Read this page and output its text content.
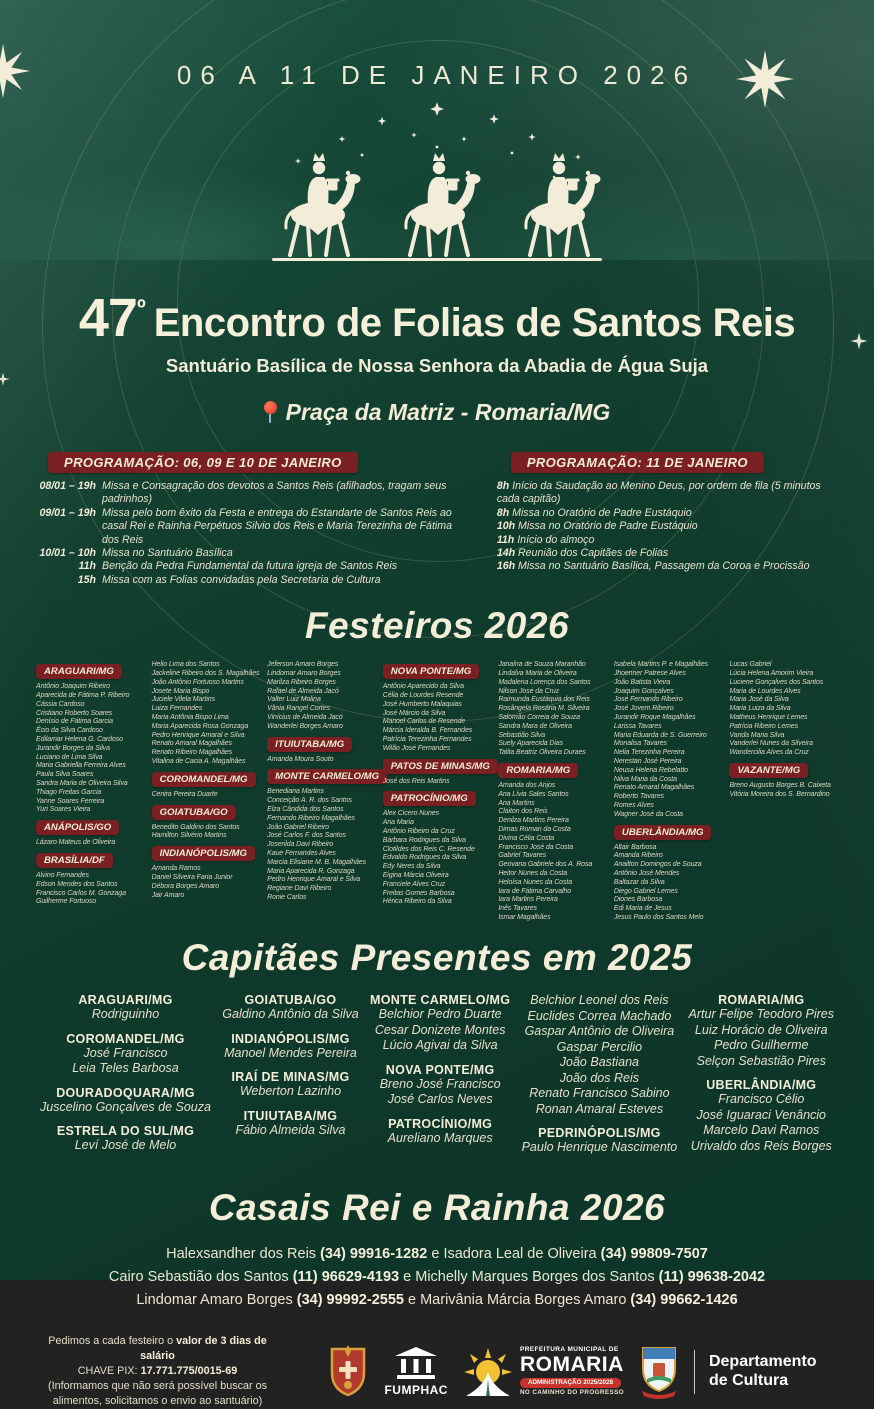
06 A 11 DE JANEIRO 2026
47 º Encontro de Folias de Santos Reis
Santuário Basílica de Nossa Senhora da Abadia de Água Suja
Praça da Matriz - Romaria/MG
PROGRAMAÇÃO: 06, 09 E 10 DE JANEIRO
08/01 – 19h Missa e Consagração dos devotos a Santos Reis (afilhados, tragam seus padrinhos)
09/01 – 19h Missa pelo bom êxito da Festa e entrega do Estandarte de Santos Reis ao casal Rei e Rainha Perpétuos Silvio dos Reis e Maria Terezinha de Fátima dos Reis
10/01 – 10h Missa no Santuário Basílica
11h Benção da Pedra Fundamental da futura igreja de Santos Reis
15h Missa com as Folias convidadas pela Secretaria de Cultura
PROGRAMAÇÃO: 11 DE JANEIRO
8h Início da Saudação ao Menino Deus, por ordem de fila (5 minutos cada capitão)
8h Missa no Oratório de Padre Eustáquio
10h Missa no Oratório de Padre Eustáquio
11h Início do almoço
14h Reunião dos Capitães de Folias
16h Missa no Santuário Basílica, Passagem da Coroa e Procissão
Festeiros 2026
ARAGUARI/MG
Antônio Joaquim Ribeiro
Aparecida de Fátima P. Ribeiro
Cássia Cardoso
Cristiano Roberto Soares
Denísio de Fátima Garcia
Écio da Silva Cardoso
Edilamar Helena G. Cardoso
Jurandir Borges da Silva
Luciano de Lima Silva
Maria Gabriella Ferreira Alves
Paula Silva Soares
Sandra Maria de Oliveira Silva
Thiago Freitas Garcia
Yanne Soares Ferreira
Yuri Soares Vieira
ANÁPOLIS/GO
Lázaro Mateus de Oliveira
BRASÍLIA/DF
Alvino Fernandes
Edson Mendes dos Santos
Francisco Carlos M. Gonzaga
Guilherme Fortuoso
Helio Lima dos Santos
Jackeline Ribeiro dos S. Magalhães
João Antônio Fortuoso Martins
Josete Maria Bispo
Juciele Vilela Martins
Luiza Fernandes
Maria Antônia Bispo Lima
Maria Aparecida Rosa Gonzaga
Pedro Henrique Amaral e Silva
Renato Amaral Magalhães
Renato Ribeiro Magalhães
Vitalina de Cacia A. Magalhães
COROMANDEL/MG
Cenira Pereira Duarte
GOIATUBA/GO
Benedito Galdino dos Santos
Hamilton Silvério Martins
INDIANÓPOLIS/MG
Amanda Ramos
Daniel Silveira Faria Junior
Débora Borges Amaro
Jair Amaro
Jeferson Amaro Borges
Lindomar Amaro Borges
Marilza Ribeiro Borges
Rafael de Almeida Jacó
Valter Luiz Molina
Vânia Rangel Cortes
Vinícius de Almeida Jacó
Wanderlei Borges Amaro
ITUIUTABA/MG
Amanda Moura Souto
MONTE CARMELO/MG
Benediana Martins
Conceição A. R. dos Santos
Elza Cândida dos Santos
Fernando Ribeiro Magalhães
João Gabriel Ribeiro
José Carlos F. dos Santos
Joserilda Davi Ribeiro
Kaue Fernandes Alves
Marcia Elisiane M. B. Magalhães
Maria Aparecida R. Gonzaga
Pedro Henrique Amaral e Silva
Regiane Davi Ribeiro
Ronie Carlos
NOVA PONTE/MG
Antônio Aparecido da Silva
Célia de Lourdes Resende
José Humberto Malaquias
José Márcio da Silva
Manoel Carlos de Resende
Márcia Ideralda B. Fernandes
Patrícia Terezinha Fernandes
Wilão José Fernandes
PATOS DE MINAS/MG
José dos Reis Martins
PATROCÍNIO/MG
Alex Cicero Nunes
Ana Maria
Antônio Ribeiro da Cruz
Bárbara Rodrigues da Silva
Clotildes dos Reis C. Resende
Edvaldo Rodrigues da Silva
Edy Neres da Silva
Eigina Márcia Oliveira
Franciele Alves Cruz
Freitas Gomes Barbosa
Hérica Ribeiro da Silva
Janaína de Souza Maranhão
Lindalva Maria de Oliveira
Madalena Lorença dos Santos
Nilson José da Cruz
Raimunda Eustáquia dos Reis
Rosângela Rosária M. Silveira
Salomão Correia de Souza
Sandra Mara de Oliveira
Sebastião Silva
Suely Aparecida Dias
Talita Beatriz Oliveira Duraes
ROMARIA/MG
Amanda dos Anjos
Ana Lívia Sales Santos
Ana Martins
Claiton dos Reis
Denilza Martins Pereira
Dimas Roman da Costa
Divina Célia Costa
Francisco José da Costa
Gabriel Tavares
Geovana Gabriele dos A. Rosa
Heitor Nunes da Costa
Heloísa Nunes da Costa
Iara de Fátima Carvalho
Iara Martins Pereira
Inês Tavares
Ismar Magalhães
Isabela Martins P. e Magalhães
Jhoenner Patrese Alves
João Batista Vieira
Joaquim Gonçalves
José Fernando Ribeiro
José Jovem Ribeiro
Jurandir Roque Magalhães
Larissa Tavares
Maria Eduarda de S. Guerreiro
Monalisa Tavares
Nelia Terezinha Pereira
Nerestan José Pereira
Neusa Helena Rebelatto
Nilva Maria da Costa
Renato Amaral Magalhães
Roberto Tavares
Romes Alves
Wagner José da Costa
UBERLÂNDIA/MG
Altair Barbosa
Amanda Ribeiro
Anailton Domingos de Souza
Antônio José Mendes
Baltazar da Silva
Diego Gabriel Lemes
Diones Barbosa
Edi Maria de Jesus
Jesus Paulo dos Santos Melo
Lucas Gabriel
Lúcia Helena Amorim Vieira
Luciene Gonçalves dos Santos
Maria de Lourdes Alves
Maria José da Silva
Maria Luiza da Silva
Matheus Henrique Lemes
Patrícia Ribeiro Lemes
Vanda Maria Silva
Vanderlei Nunes da Silveira
Wandercilia Alves da Cruz
VAZANTE/MG
Breno Augusto Borges B. Caixeta
Vitória Moreira dos S. Bernardino
Capitães Presentes em 2025
ARAGUARI/MG
Rodriguinho
COROMANDEL/MG
José Francisco
Leia Teles Barbosa
DOURADOQUARA/MG
Juscelino Gonçalves de Souza
ESTRELA DO SUL/MG
Leví José de Melo
GOIATUBA/GO
Galdino Antônio da Silva
INDIANÓPOLIS/MG
Manoel Mendes Pereira
IRAÍ DE MINAS/MG
Weberton Lazinho
ITUIUTABA/MG
Fábio Almeida Silva
MONTE CARMELO/MG
Belchior Pedro Duarte
Cesar Donizete Montes
Lúcio Agivai da Silva
NOVA PONTE/MG
Breno José Francisco
José Carlos Neves
PATROCÍNIO/MG
Aureliano Marques
Belchior Leonel dos Reis
Euclides Correa Machado
Gaspar Antônio de Oliveira
Gaspar Percilio
João Bastiana
João dos Reis
Renato Francisco Sabino
Ronan Amaral Esteves
PEDRINÓPOLIS/MG
Paulo Henrique Nascimento
ROMARIA/MG
Artur Felipe Teodoro Pires
Luiz Horácio de Oliveira
Pedro Guilherme
Selçon Sebastião Pires
UBERLÂNDIA/MG
Francisco Célio
José Iguaraci Venâncio
Marcelo Davi Ramos
Urivaldo dos Reis Borges
Casais Rei e Rainha 2026
Halexsandher dos Reis (34) 99916-1282 e Isadora Leal de Oliveira (34) 99809-7507
Cairo Sebastião dos Santos (11) 96629-4193 e Michelly Marques Borges dos Santos (11) 99638-2042
Lindomar Amaro Borges (34) 99992-2555 e Marivânia Márcia Borges Amaro (34) 99662-1426
Pedimos a cada festeiro o valor de 3 dias de salário
CHAVE PIX: 17.771.775/0015-69
(Informamos que não será possível buscar os alimentos, solicitamos o envio ao santuário)
FUMPHAC
PREFEITURA MUNICIPAL DE
ROMARIA
ADMINISTRAÇÃO 2025/2028
NO CAMINHO DO PROGRESSO
Departamento
de Cultura
